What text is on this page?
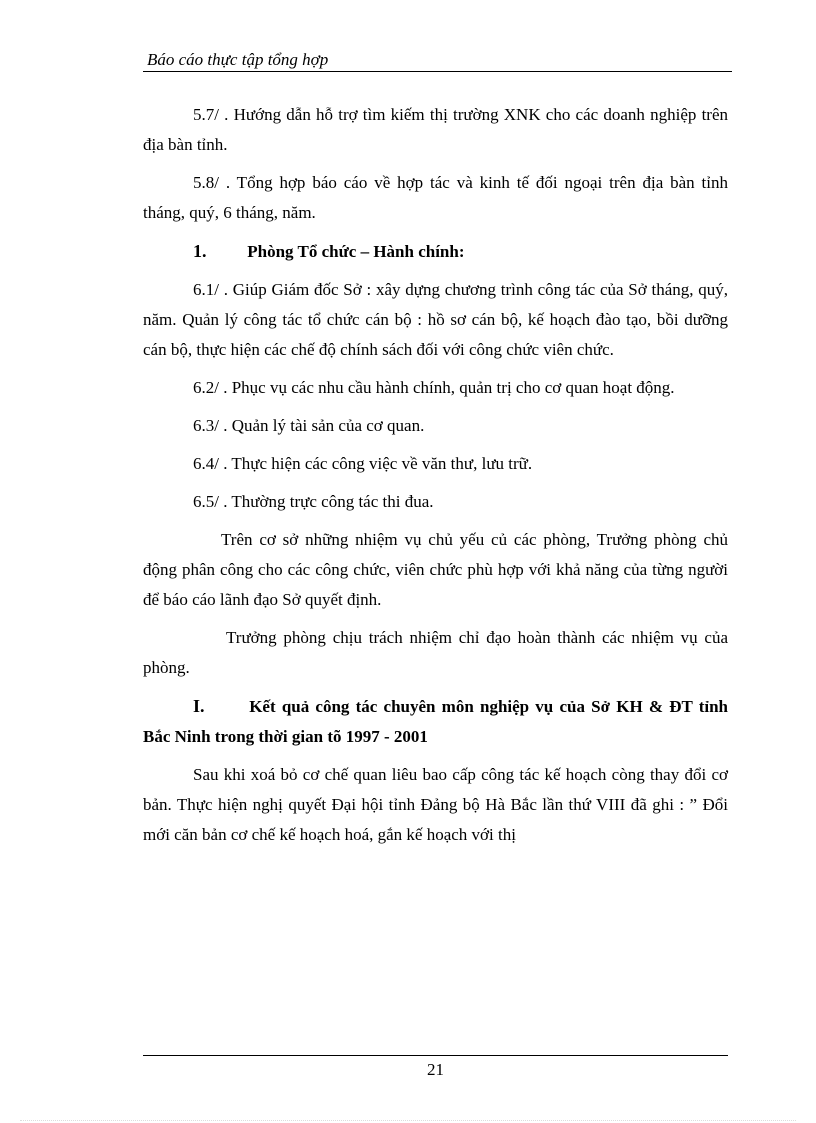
Báo cáo thực tập tổng hợp

5.7/ . Hướng dẫn hỗ trợ tìm kiếm thị trường XNK cho các doanh nghiệp trên địa bàn tỉnh.

5.8/ . Tổng hợp báo cáo về hợp tác và kinh tế đối ngoại trên địa bàn tỉnh tháng, quý, 6 tháng, năm.

1. Phòng Tổ chức – Hành chính:

6.1/ . Giúp Giám đốc Sở : xây dựng chương trình công tác của Sở tháng, quý, năm. Quản lý công tác tổ chức cán bộ : hồ sơ cán bộ, kế hoạch đào tạo, bồi dưỡng cán bộ, thực hiện các chế độ chính sách đối với công chức viên chức.

6.2/ . Phục vụ các nhu cầu hành chính, quản trị cho cơ quan hoạt động.

6.3/ . Quản lý tài sản của cơ quan.

6.4/ . Thực hiện các công việc về văn thư, lưu trữ.

6.5/ . Thường trực công tác thi đua.

Trên cơ sở những nhiệm vụ chủ yếu củ các phòng, Trưởng phòng chủ động phân công cho các công chức, viên chức phù hợp với khả năng của từng người để báo cáo lãnh đạo Sở quyết định.

Trưởng phòng chịu trách nhiệm chỉ đạo hoàn thành các nhiệm vụ của phòng.

I.	Kết quả công tác chuyên môn nghiệp vụ của Sở KH & ĐT tỉnh Bắc Ninh trong thời gian tõ 1997 - 2001

Sau khi xoá bỏ cơ chế quan liêu bao cấp công tác kế hoạch còng thay đổi cơ bản. Thực hiện nghị quyết Đại hội tỉnh Đảng bộ Hà Bắc lần thứ VIII đã ghi : ” Đổi mới căn bản cơ chế kế hoạch hoá, gắn kế hoạch với thị

21
